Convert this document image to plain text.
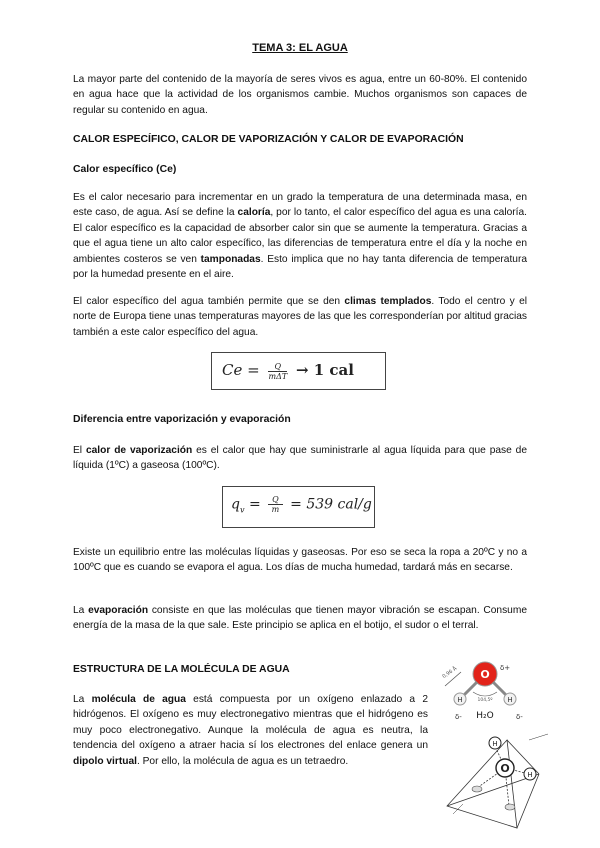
TEMA 3: EL AGUA

La mayor parte del contenido de la mayoría de seres vivos es agua, entre un 60-80%. El contenido en agua hace que la actividad de los organismos cambie. Muchos organismos son capaces de regular su contenido en agua.

CALOR ESPECÍFICO, CALOR DE VAPORIZACIÓN Y CALOR DE EVAPORACIÓN

Calor específico (Ce)

Es el calor necesario para incrementar en un grado la temperatura de una determinada masa, en este caso, de agua. Así se define la caloría, por lo tanto, el calor específico del agua es una caloría. El calor específico es la capacidad de absorber calor sin que se aumente la temperatura. Gracias a que el agua tiene un alto calor específico, las diferencias de temperatura entre el día y la noche en ambientes costeros se ven tamponadas. Esto implica que no hay tanta diferencia de temperatura por la humedad presente en el aire.

El calor específico del agua también permite que se den climas templados. Todo el centro y el norte de Europa tiene unas temperaturas mayores de las que les corresponderían por altitud gracias también a este calor específico del agua.

$Ce = \frac{Q}{\text{mΔT}} \to 1$ cal

Diferencia entre vaporización y evaporación

El calor de vaporización es el calor que hay que suministrarle al agua líquida para que pase de líquida (1ºC) a gaseosa (100ºC).

$q_v = \frac{Q}{m} = 539$ cal/g

Existe un equilibrio entre las moléculas líquidas y gaseosas. Por eso se seca la ropa a 20ºC y no a 100ºC que es cuando se evapora el agua. Los días de mucha humedad, tardará más en secarse.

La evaporación consiste en que las moléculas que tienen mayor vibración se escapan. Consume energía de la masa de la que sale. Este principio se aplica en el botijo, el sudor o el terral.

ESTRUCTURA DE LA MOLÉCULA DE AGUA

La molécula de agua está compuesta por un oxígeno enlazado a 2 hidrógenos. El oxígeno es muy electronegativo mientras que el hidrógeno es muy poco electronegativo. Aunque la molécula de agua es neutra, la tendencia del oxígeno a atraer hacia sí los electrones del enlace genera un dipolo virtual. Por ello, la molécula de agua es un tetraedro.

0,96 Å O δ+
104,5º
H	H
δ-	δ-
H₂O
H
O	H
